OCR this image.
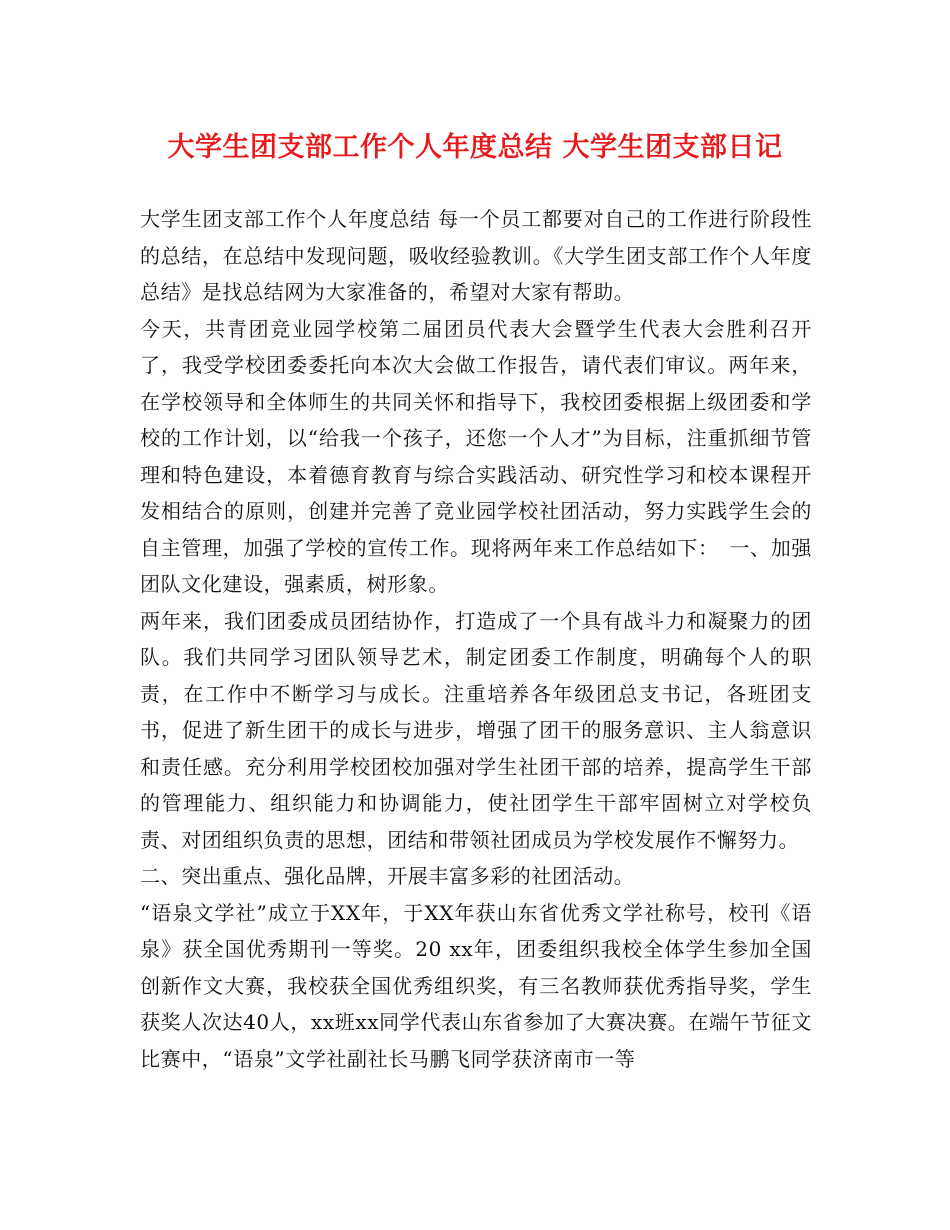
大学生团支部工作个人年度总结 大学生团支部日记

大学生团支部工作个人年度总结 每一个员工都要对自己的工作进行阶段性的总结，在总结中发现问题，吸收经验教训。《大学生团支部工作个人年度总结》是找总结网为大家准备的，希望对大家有帮助。

今天，共青团竞业园学校第二届团员代表大会暨学生代表大会胜利召开了，我受学校团委委托向本次大会做工作报告，请代表们审议。两年来，在学校领导和全体师生的共同关怀和指导下，我校团委根据上级团委和学校的工作计划，以“给我一个孩子，还您一个人才”为目标，注重抓细节管理和特色建设，本着德育教育与综合实践活动、研究性学习和校本课程开发相结合的原则，创建并完善了竞业园学校社团活动，努力实践学生会的自主管理，加强了学校的宣传工作。现将两年来工作总结如下：　一、加强团队文化建设，强素质，树形象。

两年来，我们团委成员团结协作，打造成了一个具有战斗力和凝聚力的团队。我们共同学习团队领导艺术，制定团委工作制度，明确每个人的职责，在工作中不断学习与成长。注重培养各年级团总支书记，各班团支书，促进了新生团干的成长与进步，增强了团干的服务意识、主人翁意识和责任感。充分利用学校团校加强对学生社团干部的培养，提高学生干部的管理能力、组织能力和协调能力，使社团学生干部牢固树立对学校负责、对团组织负责的思想，团结和带领社团成员为学校发展作不懈努力。

二、突出重点、强化品牌，开展丰富多彩的社团活动。

“语泉文学社”成立于XX年，于XX年获山东省优秀文学社称号，校刊《语泉》获全国优秀期刊一等奖。20 xx年，团委组织我校全体学生参加全国创新作文大赛，我校获全国优秀组织奖，有三名教师获优秀指导奖，学生获奖人次达40人，xx班xx同学代表山东省参加了大赛决赛。在端午节征文比赛中，“语泉”文学社副社长马鹏飞同学获济南市一等
